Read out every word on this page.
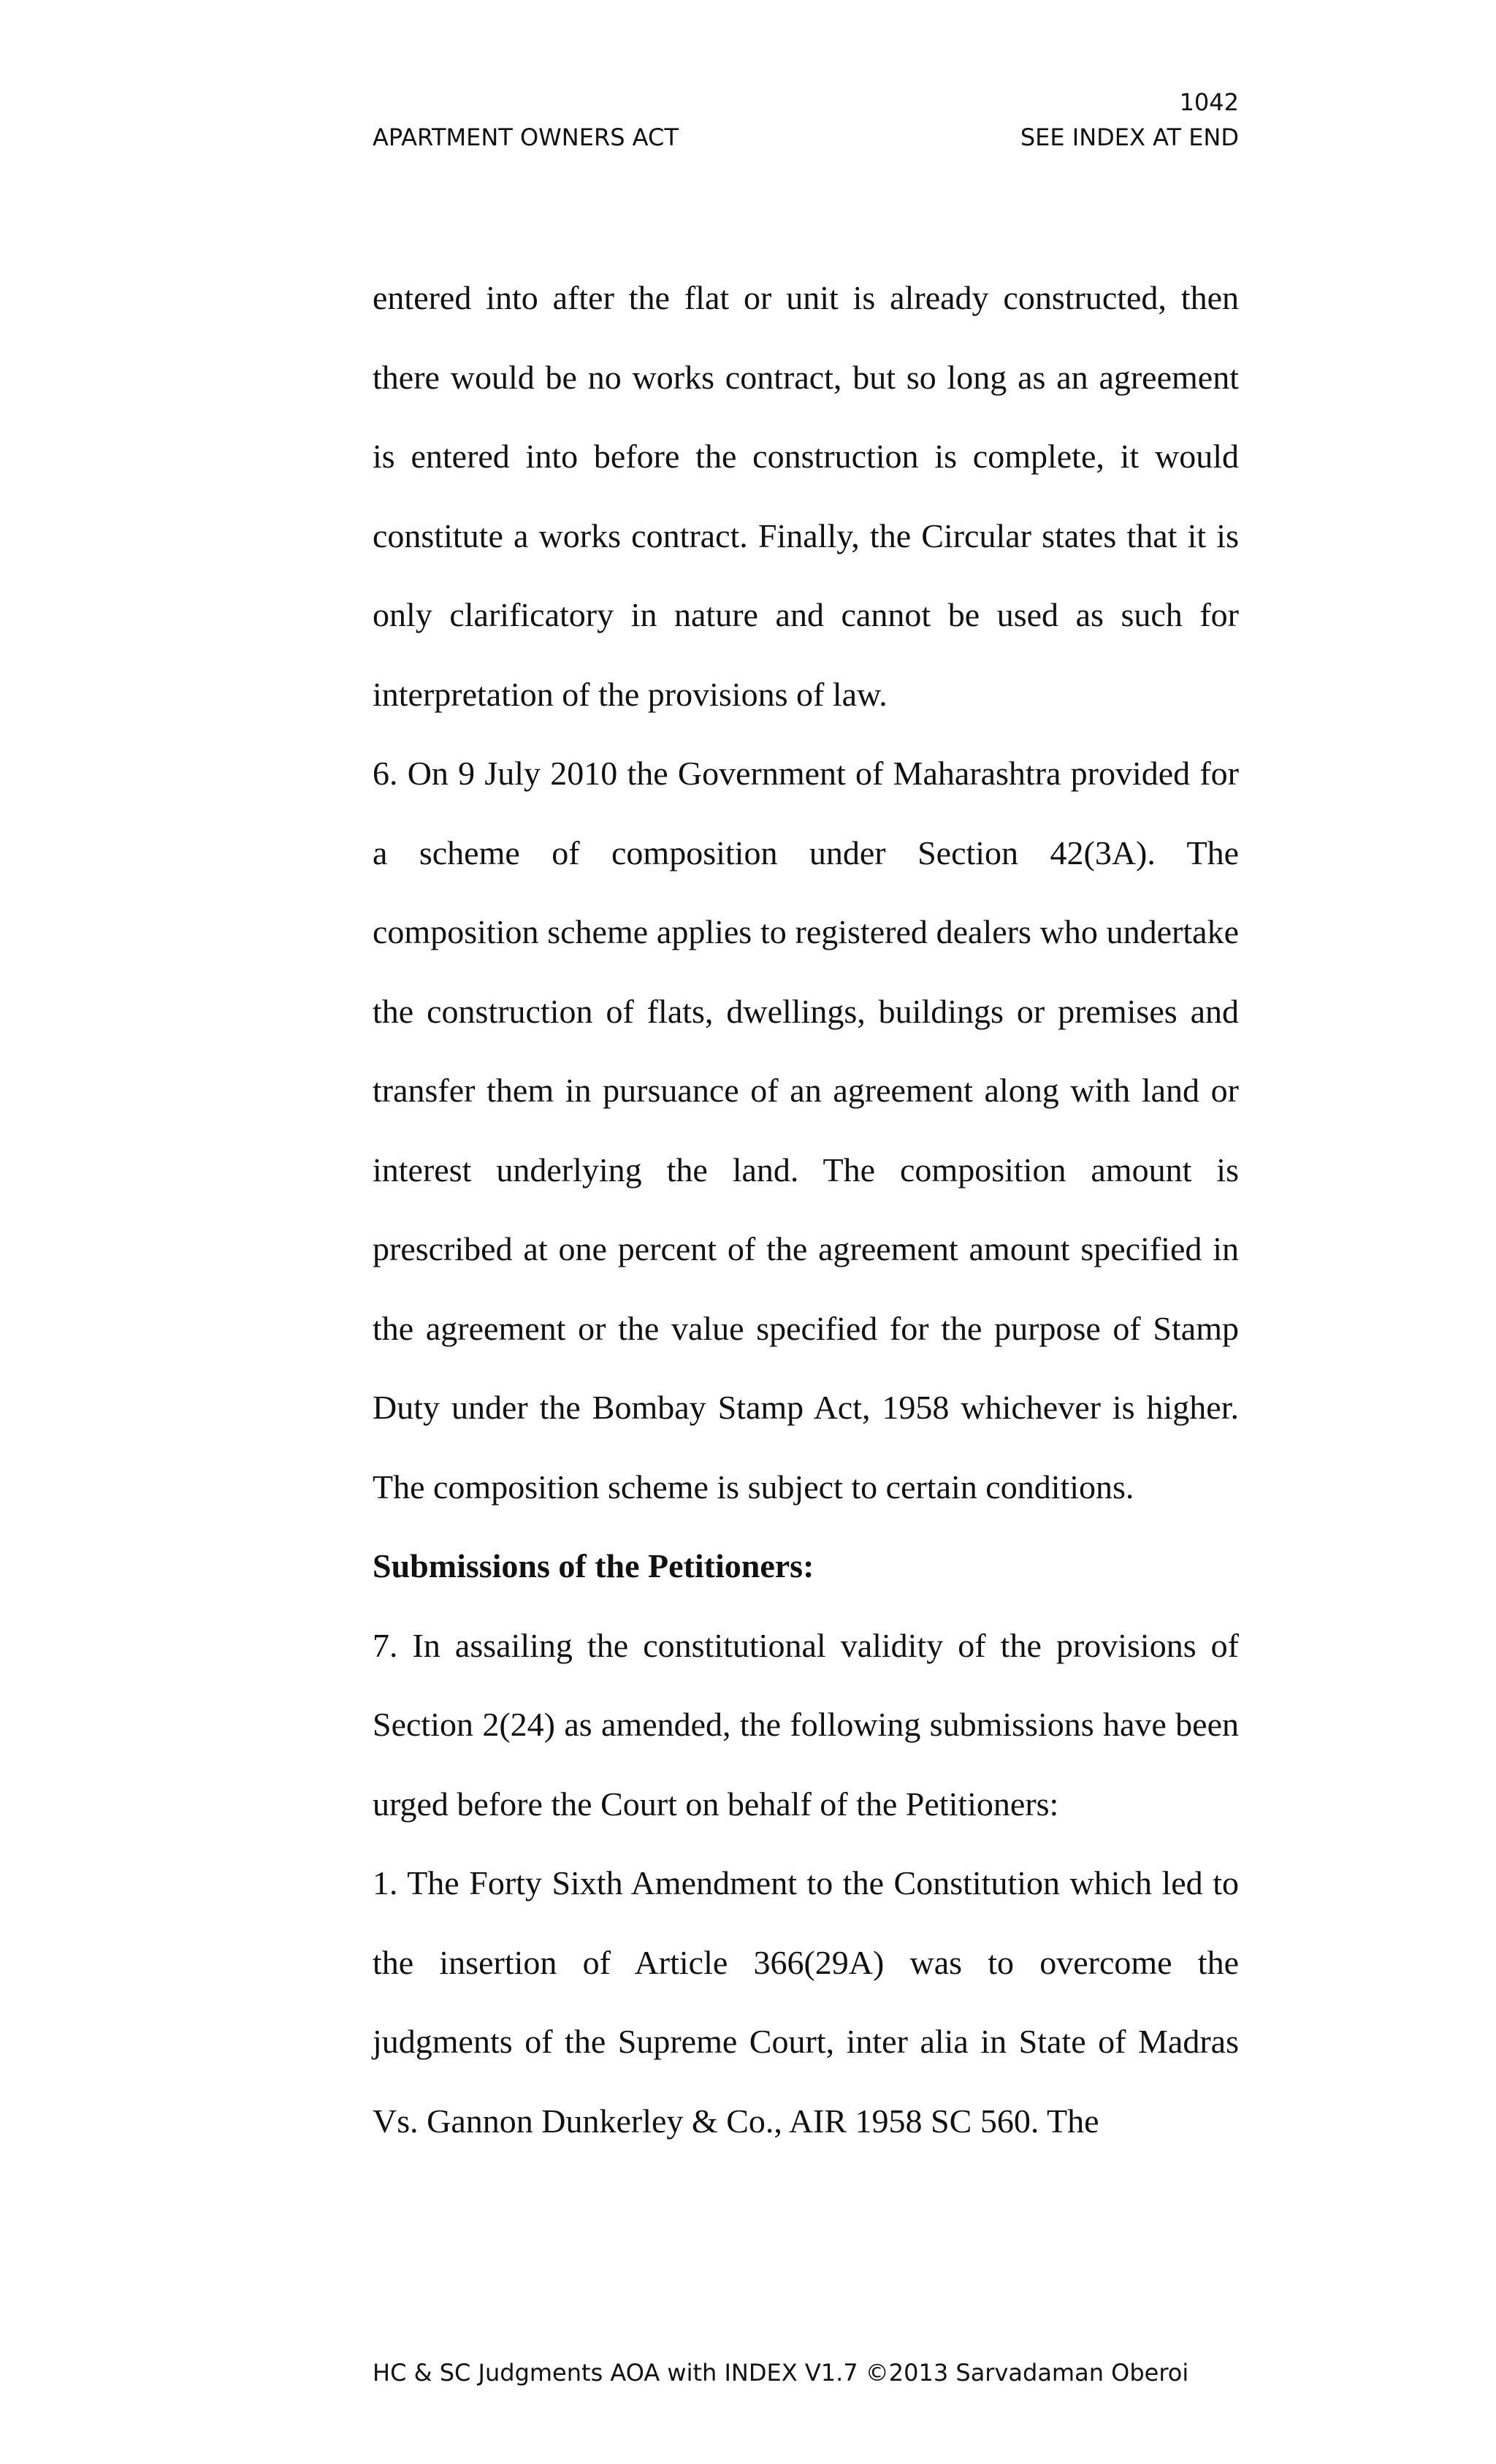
1042
APARTMENT OWNERS ACT	SEE INDEX AT END

entered into after the flat or unit is already constructed, then there would be no works contract, but so long as an agreement is entered into before the construction is complete, it would constitute a works contract. Finally, the Circular states that it is only clarificatory in nature and cannot be used as such for interpretation of the provisions of law.

6. On 9 July 2010 the Government of Maharashtra provided for a scheme of composition under Section 42(3A). The composition scheme applies to registered dealers who undertake the construction of flats, dwellings, buildings or premises and transfer them in pursuance of an agreement along with land or interest underlying the land. The composition amount is prescribed at one percent of the agreement amount specified in the agreement or the value specified for the purpose of Stamp Duty under the Bombay Stamp Act, 1958 whichever is higher. The composition scheme is subject to certain conditions.

Submissions of the Petitioners:

7. In assailing the constitutional validity of the provisions of Section 2(24) as amended, the following submissions have been urged before the Court on behalf of the Petitioners:

1. The Forty Sixth Amendment to the Constitution which led to the insertion of Article 366(29A) was to overcome the judgments of the Supreme Court, inter alia in State of Madras Vs. Gannon Dunkerley & Co., AIR 1958 SC 560. The

HC & SC Judgments AOA with INDEX V1.7 ©2013 Sarvadaman Oberoi
